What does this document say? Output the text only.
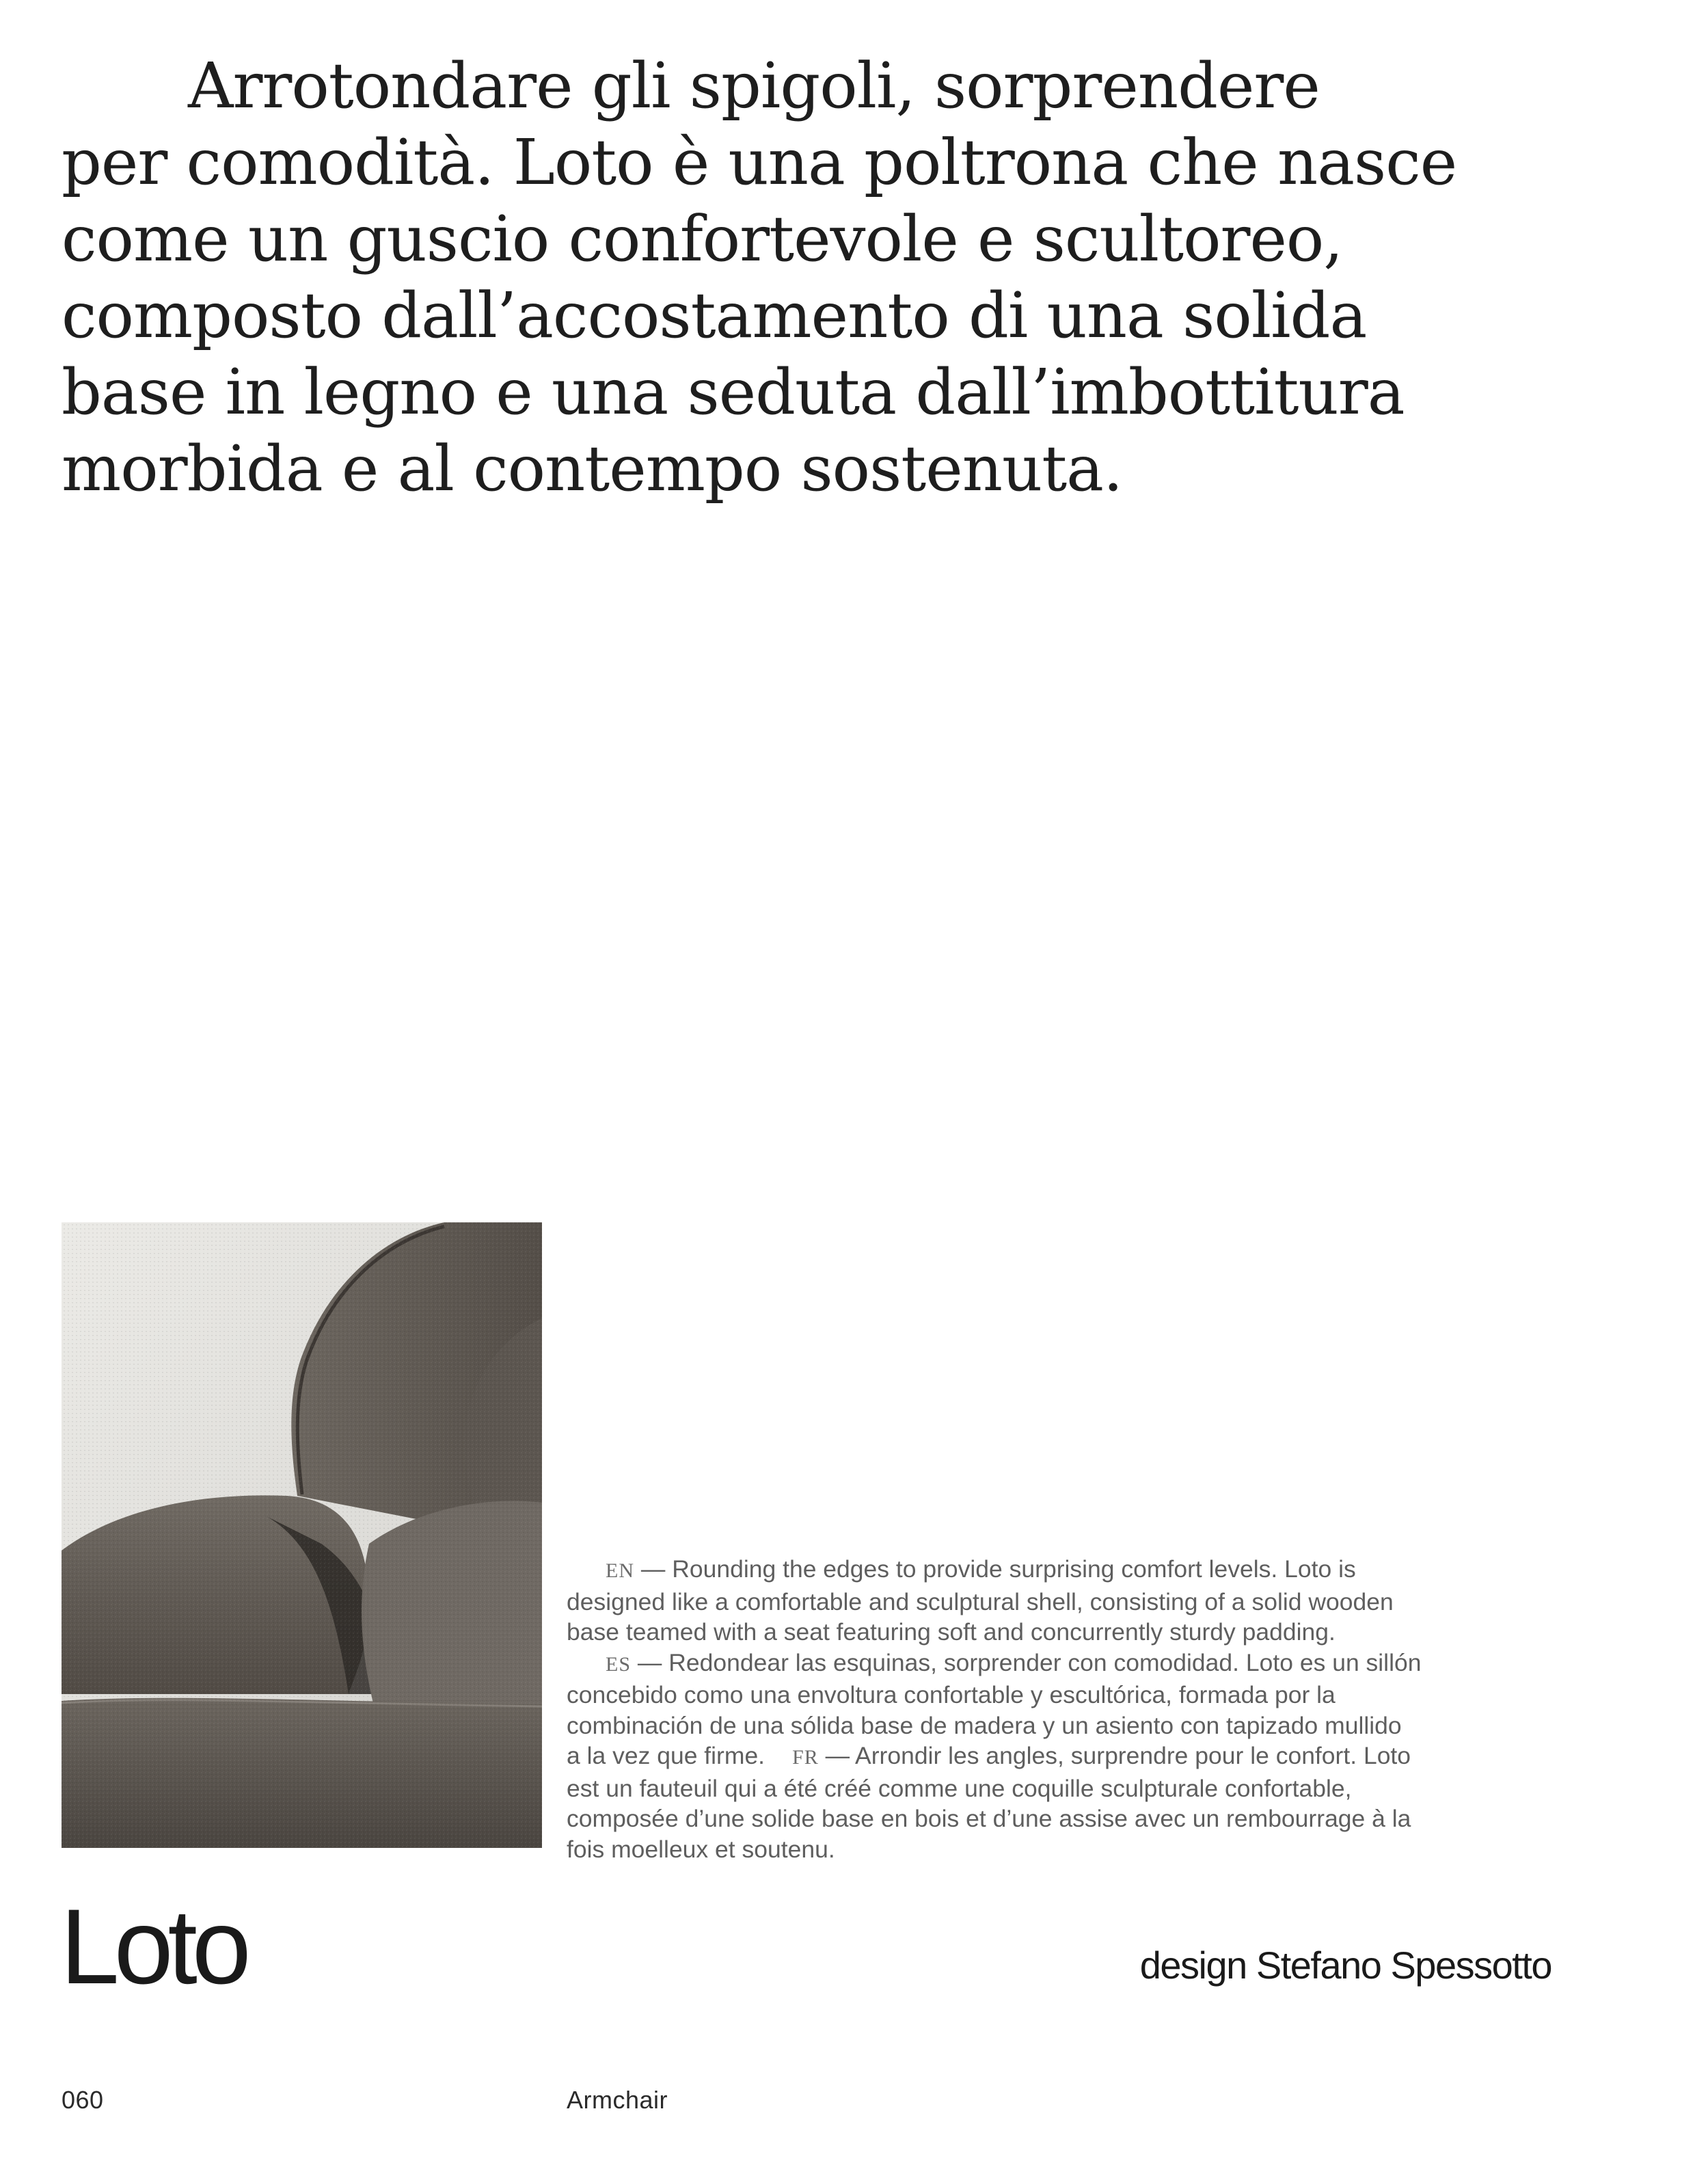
Arrotondare gli spigoli, sorprendere
per comodità. Loto è una poltrona che nasce
come un guscio confortevole e scultoreo,
composto dall’accostamento di una solida
base in legno e una seduta dall’imbottitura
morbida e al contempo sostenuta.
EN — Rounding the edges to provide surprising comfort levels. Loto is
designed like a comfortable and sculptural shell, consisting of a solid wooden
base teamed with a seat featuring soft and concurrently sturdy padding.
ES — Redondear las esquinas, sorprender con comodidad. Loto es un sillón
concebido como una envoltura confortable y escultórica, formada por la
combinación de una sólida base de madera y un asiento con tapizado mullido
a la vez que firme. FR — Arrondir les angles, surprendre pour le confort. Loto
est un fauteuil qui a été créé comme une coquille sculpturale confortable,
composée d’une solide base en bois et d’une assise avec un rembourrage à la
fois moelleux et soutenu.
Loto	design Stefano Spessotto
060	Armchair
